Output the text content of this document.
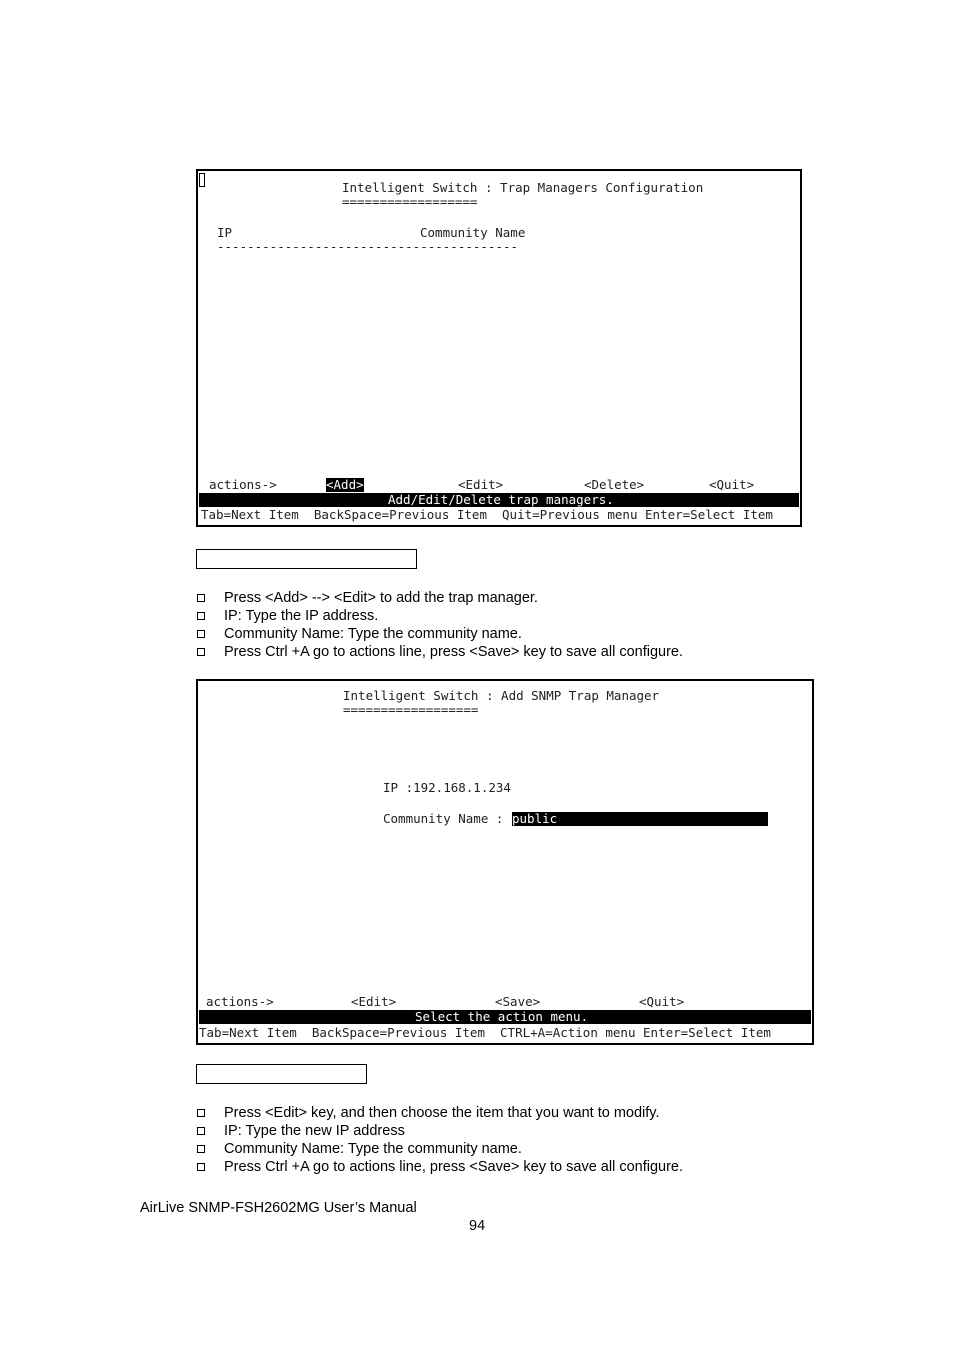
Intelligent Switch : Trap Managers Configuration
==================
IP	Community Name
----------------------------------------
actions->	<Add>	<Edit>	<Delete>	<Quit>
Add/Edit/Delete trap managers.
Tab=Next Item  BackSpace=Previous Item  Quit=Previous menu Enter=Select Item
Press <Add> --> <Edit> to add the trap manager.
IP: Type the IP address.
Community Name: Type the community name.
Press Ctrl +A go to actions line, press <Save> key to save all configure.
Intelligent Switch : Add SNMP Trap Manager
==================
IP :192.168.1.234
Community Name : public
actions->	<Edit>	<Save>	<Quit>
Select the action menu.
Tab=Next Item  BackSpace=Previous Item  CTRL+A=Action menu Enter=Select Item
Press <Edit> key, and then choose the item that you want to modify.
IP: Type the new IP address
Community Name: Type the community name.
Press Ctrl +A go to actions line, press <Save> key to save all configure.
AirLive SNMP-FSH2602MG User’s Manual
94
